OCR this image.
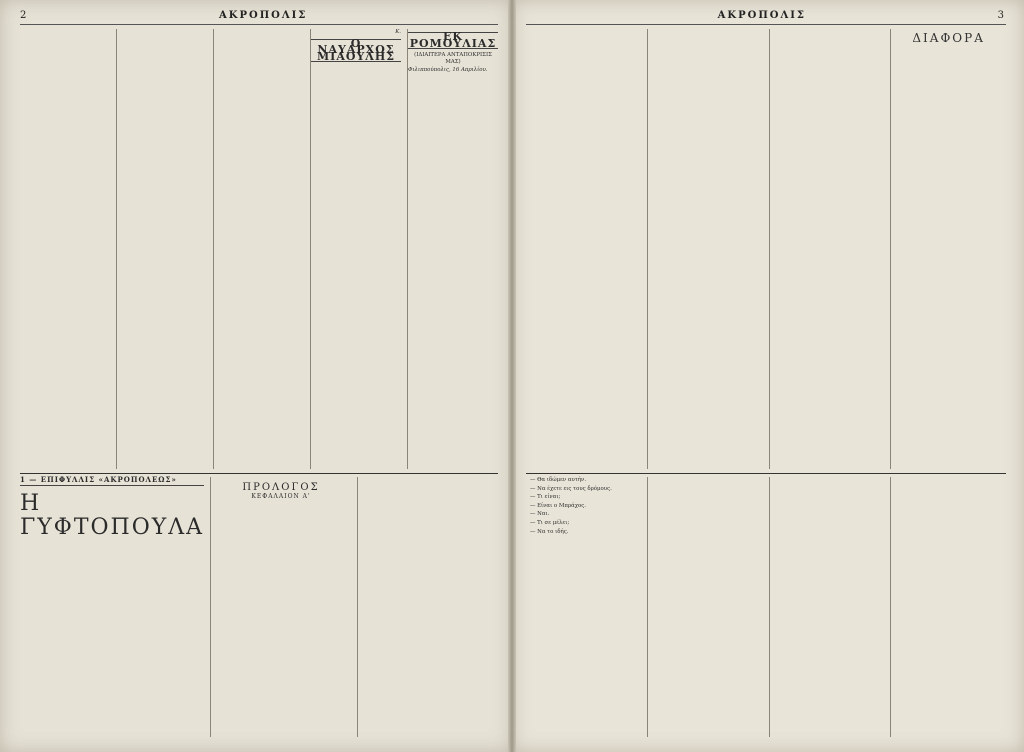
2	ΑΚΡΟΠΟΛΙΣ
Κ.
Ο ΝΑΥΑΡΧΟΣ ΜΙΑΟΥΛΗΣ
ΕΚ ΡΟΜΟΥΛΙΑΣ
(ΙΔΙΑΙΤΕΡΑ ΑΝΤΑΠΟΚΡΙΣΙΣ ΜΑΣ)
Φιλιππούπολις, 16 Απριλίου.
1 — ΕΠΙΦΥΛΛΙΣ «ΑΚΡΟΠΟΛΕΩΣ»
Η ΓΥΦΤΟΠΟΥΛΑ
ΠΡΟΛΟΓΟΣ
ΚΕΦΑΛΑΙΟΝ Α'
ΑΚΡΟΠΟΛΙΣ	3
ΔΙΑΦΟΡΑ

— Θα ιδώμεν αυτήν.

— Να έχετε εις τους δρόμους.

— Τι είναι;

— Είναι ο Μπράχος.

— Ναι.

— Τι σε μέλει;

— Να το ιδής.
